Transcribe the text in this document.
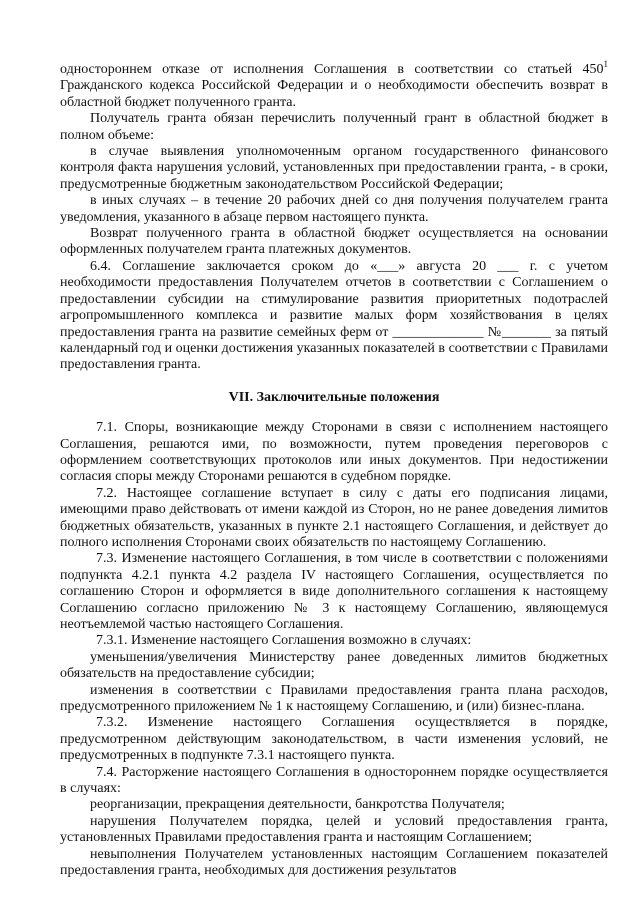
одностороннем отказе от исполнения Соглашения в соответствии со статьей $450^1$ Гражданского кодекса Российской Федерации и о необходимости обеспечить возврат в областной бюджет полученного гранта.

Получатель гранта обязан перечислить полученный грант в областной бюджет в полном объеме:

в случае выявления уполномоченным органом государственного финансового контроля факта нарушения условий, установленных при предоставлении гранта, - в сроки, предусмотренные бюджетным законодательством Российской Федерации;

в иных случаях – в течение 20 рабочих дней со дня получения получателем гранта уведомления, указанного в абзаце первом настоящего пункта.

Возврат полученного гранта в областной бюджет осуществляется на основании оформленных получателем гранта платежных документов.

6.4. Соглашение заключается сроком до «___» августа 20 ___ г. с учетом необходимости предоставления Получателем отчетов в соответствии с Соглашением о предоставлении субсидии на стимулирование развития приоритетных подотраслей агропромышленного комплекса и развитие малых форм хозяйствования в целях предоставления гранта на развитие семейных ферм от _____________ №_______ за пятый календарный год и оценки достижения указанных показателей в соответствии с Правилами предоставления гранта.

VII. Заключительные положения

7.1. Споры, возникающие между Сторонами в связи с исполнением настоящего Соглашения, решаются ими, по возможности, путем проведения переговоров с оформлением соответствующих протоколов или иных документов. При недостижении согласия споры между Сторонами решаются в судебном порядке.

7.2. Настоящее соглашение вступает в силу с даты его подписания лицами, имеющими право действовать от имени каждой из Сторон, но не ранее доведения лимитов бюджетных обязательств, указанных в пункте 2.1 настоящего Соглашения, и действует до полного исполнения Сторонами своих обязательств по настоящему Соглашению.

7.3. Изменение настоящего Соглашения, в том числе в соответствии с положениями подпункта 4.2.1 пункта 4.2 раздела IV настоящего Соглашения, осуществляется по соглашению Сторон и оформляется в виде дополнительного соглашения к настоящему Соглашению согласно приложению № 3 к настоящему Соглашению, являющемуся неотъемлемой частью настоящего Соглашения.

7.3.1. Изменение настоящего Соглашения возможно в случаях:

уменьшения/увеличения Министерству ранее доведенных лимитов бюджетных обязательств на предоставление субсидии;

изменения в соответствии с Правилами предоставления гранта плана расходов, предусмотренного приложением № 1 к настоящему Соглашению, и (или) бизнес-плана.

7.3.2. Изменение настоящего Соглашения осуществляется в порядке, предусмотренном действующим законодательством, в части изменения условий, не предусмотренных в подпункте 7.3.1 настоящего пункта.

7.4. Расторжение настоящего Соглашения в одностороннем порядке осуществляется в случаях:

реорганизации, прекращения деятельности, банкротства Получателя;

нарушения Получателем порядка, целей и условий предоставления гранта, установленных Правилами предоставления гранта и настоящим Соглашением;

невыполнения Получателем установленных настоящим Соглашением показателей предоставления гранта, необходимых для достижения результатов
